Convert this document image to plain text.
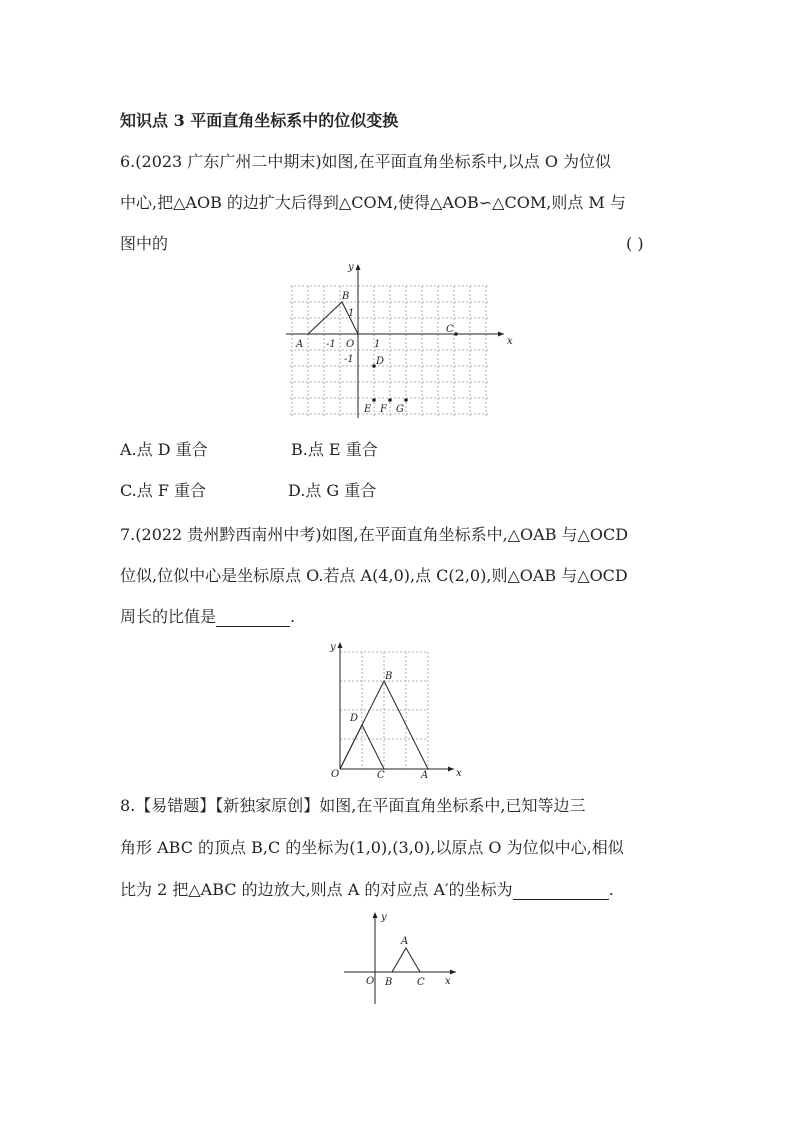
知识点 3 平面直角坐标系中的位似变换
6.(2023 广东广州二中期末)如图,在平面直角坐标系中,以点 O 为位似
中心,把△AOB 的边扩大后得到△COM,使得△AOB∽△COM,则点 M 与
图中的	( )
x
y
A
B
C
D
E F G
O
-1	1
1
-1
A.点 D 重合	B.点 E 重合
C.点 F 重合	D.点 G 重合
7.(2022 贵州黔西南州中考)如图,在平面直角坐标系中,△OAB 与△OCD
位似,位似中心是坐标原点 O.若点 A(4,0),点 C(2,0),则△OAB 与△OCD
周长的比值是	.
x
y
O	A
B
C
D
8.【易错题】【新独家原创】如图,在平面直角坐标系中,已知等边三
角形 ABC 的顶点 B,C 的坐标为(1,0),(3,0),以原点 O 为位似中心,相似
比为 2 把△ABC 的边放大,则点 A 的对应点 A′的坐标为	.
x
y
O
A
B C
